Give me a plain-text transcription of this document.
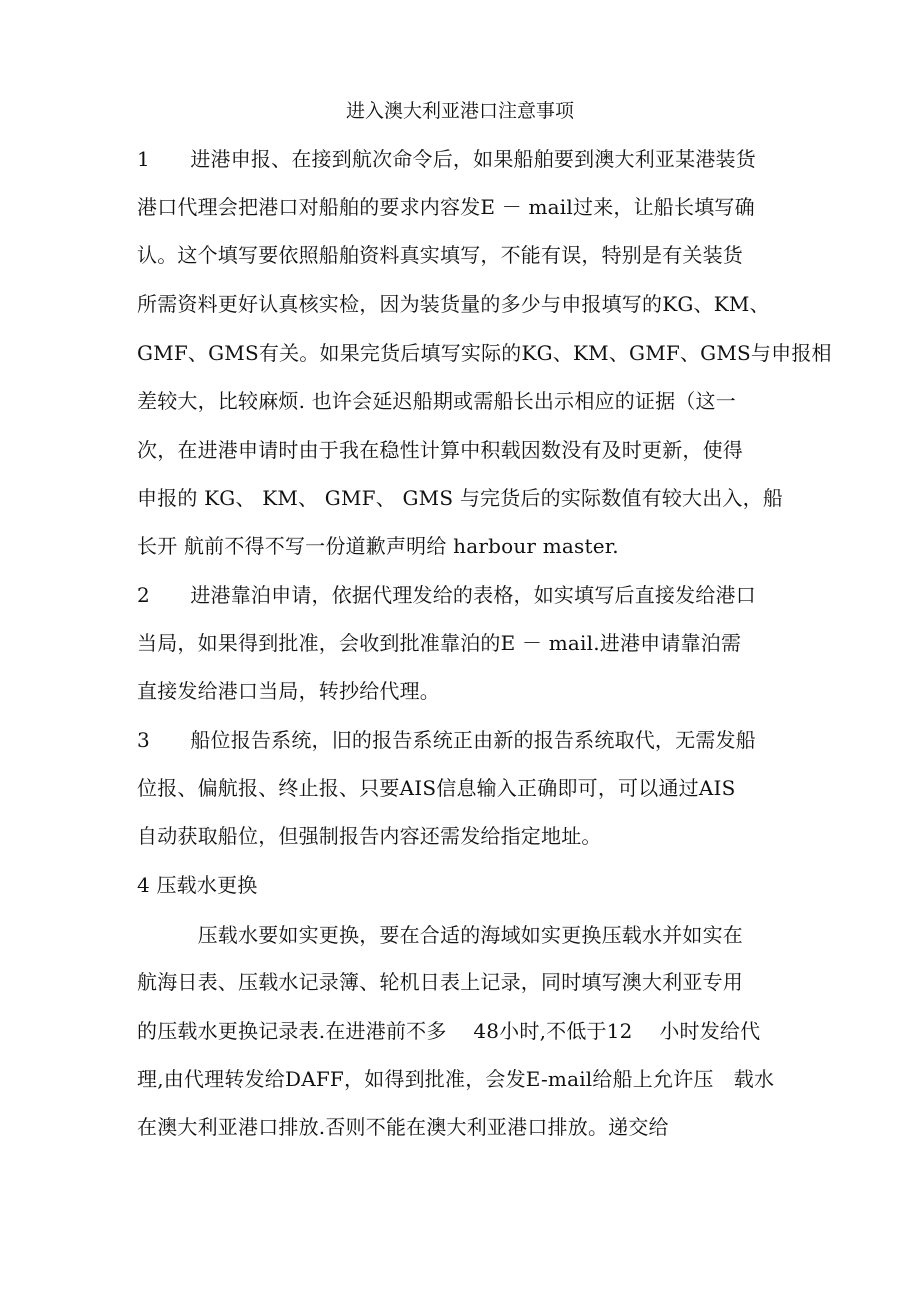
进入澳大利亚港口注意事项
1　　进港申报、在接到航次命令后，如果船舶要到澳大利亚某港装货
港口代理会把港口对船舶的要求内容发E － mail过来，让船长填写确
认。这个填写要依照船舶资料真实填写，不能有误，特别是有关装货
所需资料更好认真核实检，因为装货量的多少与申报填写的KG、KM、
GMF、GMS有关。如果完货后填写实际的KG、KM、GMF、GMS与申报相
差较大，比较麻烦. 也许会延迟船期或需船长出示相应的证据（这一
次，在进港申请时由于我在稳性计算中积载因数没有及时更新，使得
申报的 KG、 KM、 GMF、 GMS 与完货后的实际数值有较大出入，船
长开 航前不得不写一份道歉声明给 harbour master.
2　　进港靠泊申请，依据代理发给的表格，如实填写后直接发给港口
当局，如果得到批准，会收到批准靠泊的E － mail.进港申请靠泊需
直接发给港口当局，转抄给代理。
3　　船位报告系统，旧的报告系统正由新的报告系统取代，无需发船
位报、偏航报、终止报、只要AIS信息输入正确即可，可以通过AIS
自动获取船位，但强制报告内容还需发给指定地址。
4 压载水更换
　　　压载水要如实更换，要在合适的海域如实更换压载水并如实在
航海日表、压载水记录簿、轮机日表上记录，同时填写澳大利亚专用
的压载水更换记录表.在进港前不多　 48小时,不低于12　 小时发给代
理,由代理转发给DAFF，如得到批准，会发E-mail给船上允许压　载水
在澳大利亚港口排放.否则不能在澳大利亚港口排放。递交给
